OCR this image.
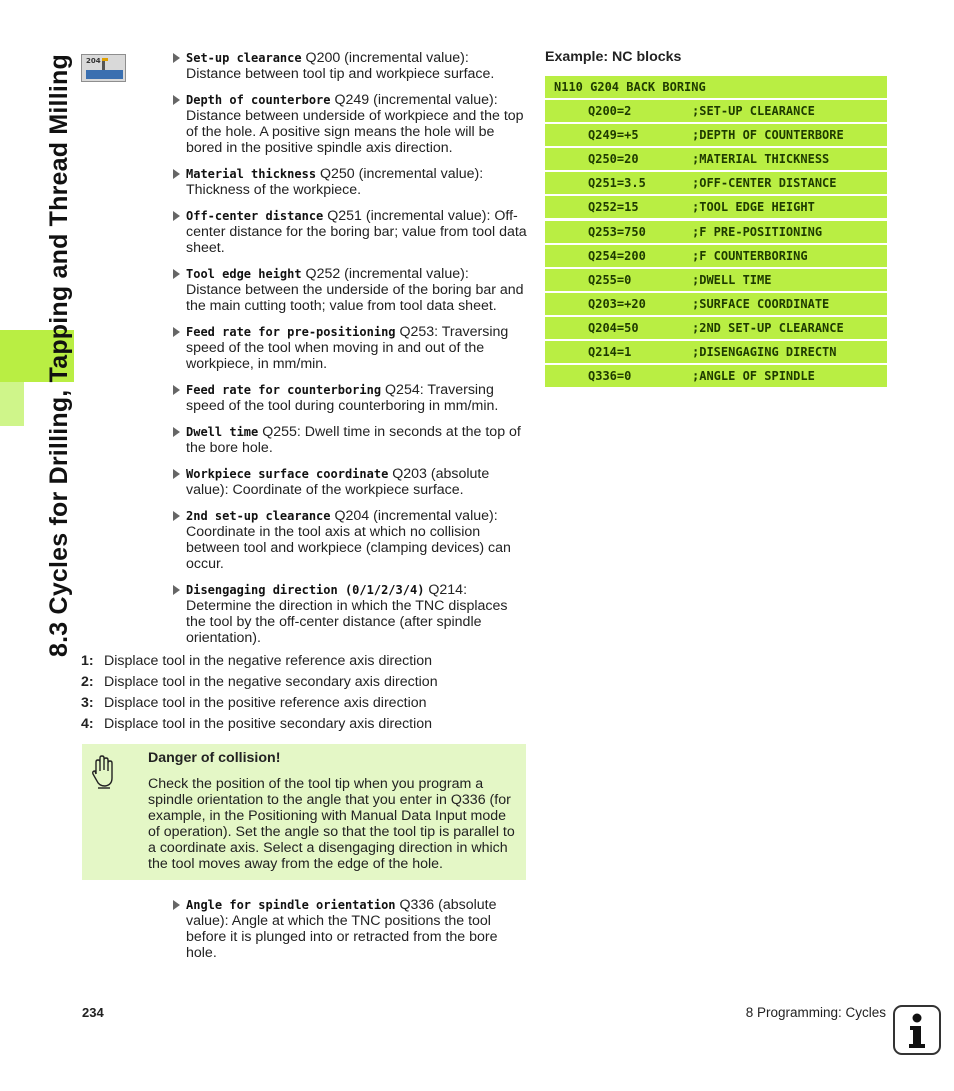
8.3 Cycles for Drilling, Tapping and Thread Milling 204	Set-up clearance Q200 (incremental value): Distance between tool tip and workpiece surface.
Depth of counterbore Q249 (incremental value): Distance between underside of workpiece and the top of the hole. A positive sign means the hole will be bored in the positive spindle axis direction.
Material thickness Q250 (incremental value): Thickness of the workpiece.
Off-center distance Q251 (incremental value): Off-center distance for the boring bar; value from tool data sheet.
Tool edge height Q252 (incremental value): Distance between the underside of the boring bar and the main cutting tooth; value from tool data sheet.
Feed rate for pre-positioning Q253: Traversing speed of the tool when moving in and out of the workpiece, in mm/min.
Feed rate for counterboring Q254: Traversing speed of the tool during counterboring in mm/min.
Dwell time Q255: Dwell time in seconds at the top of the bore hole.
Workpiece surface coordinate Q203 (absolute value): Coordinate of the workpiece surface.
2nd set-up clearance Q204 (incremental value): Coordinate in the tool axis at which no collision between tool and workpiece (clamping devices) can occur.
Disengaging direction (0/1/2/3/4) Q214: Determine the direction in which the TNC displaces the tool by the off-center distance (after spindle orientation).
1: Displace tool in the negative reference axis direction
2: Displace tool in the negative secondary axis direction
3: Displace tool in the positive reference axis direction
4: Displace tool in the positive secondary axis direction
Danger of collision!
Check the position of the tool tip when you program a spindle orientation to the angle that you enter in Q336 (for example, in the Positioning with Manual Data Input mode of operation). Set the angle so that the tool tip is parallel to a coordinate axis. Select a disengaging direction in which the tool moves away from the edge of the hole.
Angle for spindle orientation Q336 (absolute value): Angle at which the TNC positions the tool before it is plunged into or retracted from the bore hole.
Example: NC blocks
N110 G204 BACK BORING
Q200=2	;SET-UP CLEARANCE
Q249=+5	;DEPTH OF COUNTERBORE
Q250=20	;MATERIAL THICKNESS
Q251=3.5	;OFF-CENTER DISTANCE
Q252=15	;TOOL EDGE HEIGHT
Q253=750	;F PRE-POSITIONING
Q254=200	;F COUNTERBORING
Q255=0	;DWELL TIME
Q203=+20	;SURFACE COORDINATE
Q204=50	;2ND SET-UP CLEARANCE
Q214=1	;DISENGAGING DIRECTN
Q336=0	;ANGLE OF SPINDLE
234	8 Programming: Cycles
